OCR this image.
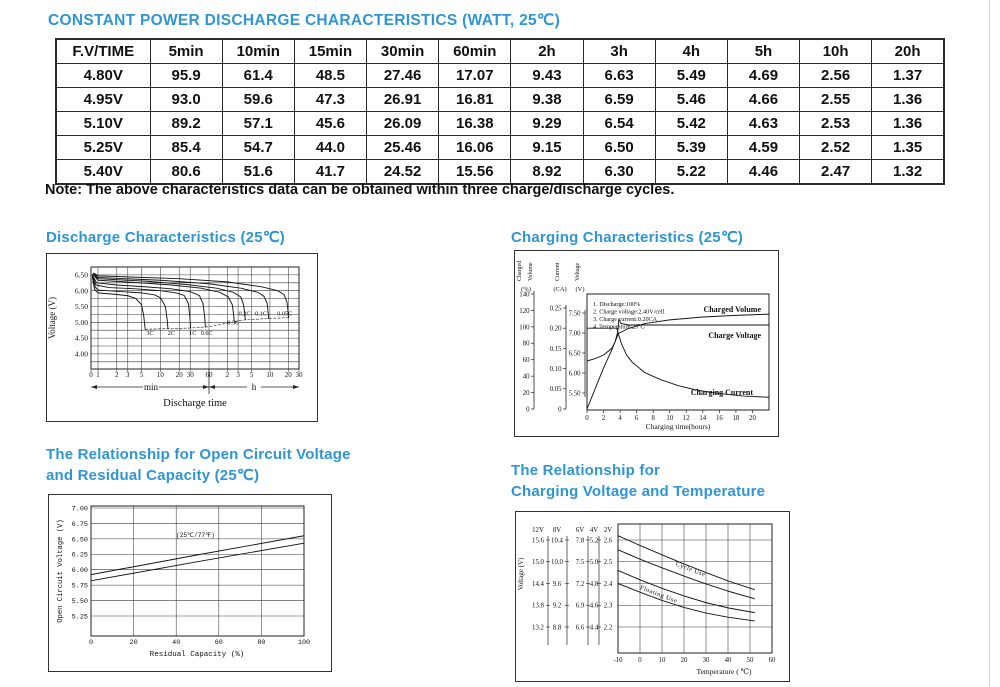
CONSTANT POWER DISCHARGE CHARACTERISTICS (WATT, 25℃)
F.V/TIME	5min	10min	15min	30min	60min	2h	3h	4h	5h	10h	20h
4.80V	95.9	61.4	48.5	27.46	17.07	9.43	6.63	5.49	4.69	2.56	1.37
4.95V	93.0	59.6	47.3	26.91	16.81	9.38	6.59	5.46	4.66	2.55	1.36
5.10V	89.2	57.1	45.6	26.09	16.38	9.29	6.54	5.42	4.63	2.53	1.36
5.25V	85.4	54.7	44.0	25.46	16.06	9.15	6.50	5.39	4.59	2.52	1.35
5.40V	80.6	51.6	41.7	24.52	15.56	8.92	6.30	5.22	4.46	2.47	1.32

Note: The above characteristics data can be obtained within three charge/discharge cycles.

Discharge Characteristics (25℃)
6.50
6.00
5.50
5.00
4.50
4.00
0 1 2 3 5 10 20 30 60 2 3 5 10 20 30
min	h
Discharge time
Voltage (V)	3C 2C 1C 0.6C
0.3C
0.2C 0.1C 0.05C
Charging Characteristics (25℃)
Charged Volume
(%)
140
120
100
80
60
40
20
0
Current
(CA)
0.25
0.20
0.15
0.10
0.05
0
Voltage
(V)
7.50
7.00
6.50
6.00
5.50
1. Discharge:100%
2. Charge voltage:2.40V/cell
3. Charge current:0.20CA
4. Temperature:25℃
0 2 4 6 8 10 12 14 16 18 20
Charging time(hours)
Charged Volume
Charge Voltage
Charging Current
The Relationship for Open Circuit Voltage
and Residual Capacity (25℃)
7.00
6.75
6.50
6.25
6.00
5.75
5.50
5.25
0	20	40	60	80	100
Open Circuit Voltage (V)
Residual Capacity (%)
(25℃/77℉)
The Relationship for
Charging Voltage and Temperature
12V
15.6
15.0
14.4
13.8
13.2
8V
10.4
10.0
9.6
9.2
8.8
6V
7.8
7.5
7.2
6.9
6.6
4V
5.2
5.0
4.8
4.6
4.4
2V
2.6
2.5
2.4
2.3
2.2
Voltage (V)
-10 0 10 20 30 40 50 60
Temperature ( ℃)
Cycle Use
Floating Use
